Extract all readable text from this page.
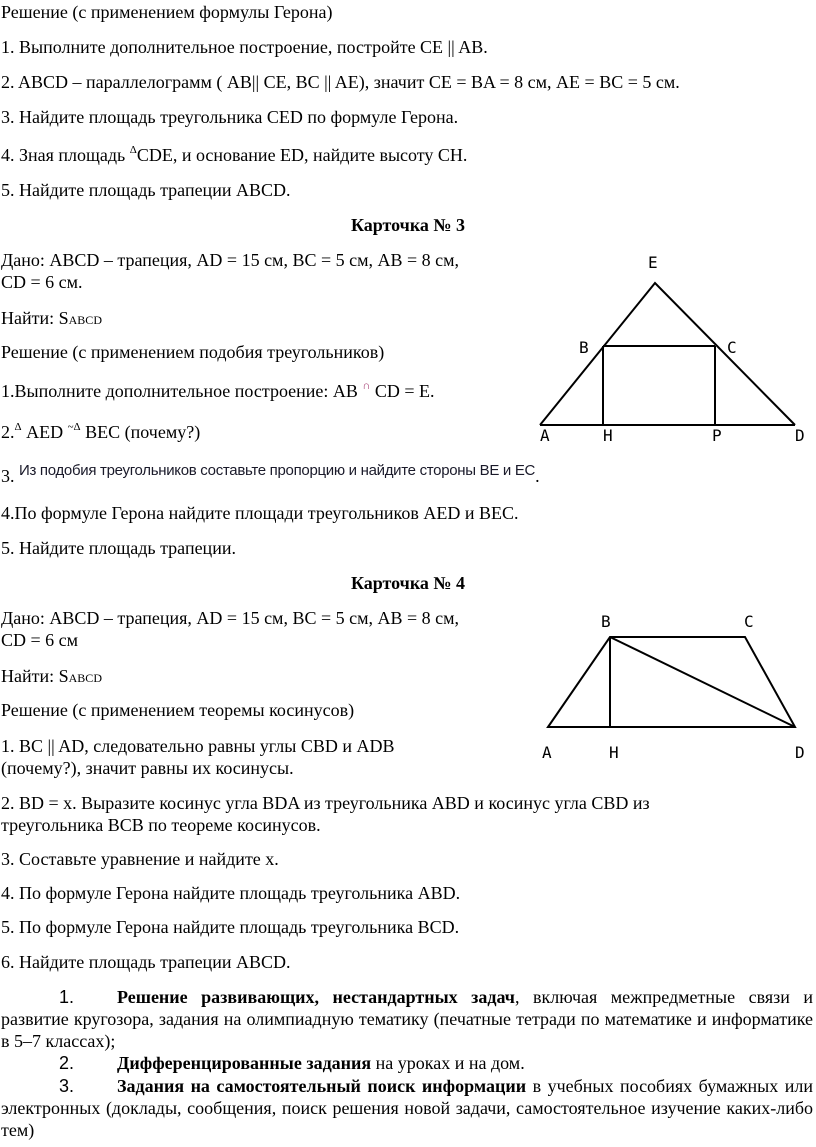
Решение (с применением формулы Герона)
1. Выполните дополнительное построение, постройте CE || AB.
2. ABCD – параллелограмм ( AB|| CE, BC || AE), значит CE = BA = 8 см, AE = BC = 5 см.
3. Найдите площадь треугольника CED по формуле Герона.
4. Зная площадь $^\Delta$CDE, и основание ED, найдите высоту CH.
5. Найдите площадь трапеции ABCD.
Карточка № 3
Дано: ABCD – трапеция, AD = 15 см, BC = 5 см, AB = 8 см,
CD = 6 см.
Найти: SABCD
Решение (с применением подобия треугольников)
1.Выполните дополнительное построение: AB ∩ CD = E.
2.$^\Delta$ AED $^{\sim\Delta}$ BEC (почему?)
3. $^{Из подобия треугольников составьте пропорцию и найдите стороны BE и EC}$.
4.По формуле Герона найдите площади треугольников AED и BEC.
5. Найдите площадь трапеции.
Карточка № 4
Дано: ABCD – трапеция, AD = 15 см, BC = 5 см, AB = 8 см,
CD = 6 см
Найти: SABCD
Решение (с применением теоремы косинусов)
1. BC || AD, следовательно равны углы CBD и ADB
(почему?), значит равны их косинусы.
2. BD = x. Выразите косинус угла BDA из треугольника ABD и косинус угла CBD из
треугольника BCB по теореме косинусов.
3. Составьте уравнение и найдите x.
4. По формуле Герона найдите площадь треугольника ABD.
5. По формуле Герона найдите площадь треугольника BCD.
6. Найдите площадь трапеции ABCD.
1. Решение развивающих, нестандартных задач, включая межпредметные связи и развитие кругозора, задания на олимпиадную тематику (печатные тетради по математике и информатике в 5–7 классах);
2. Дифференцированные задания на уроках и на дом.
3. Задания на самостоятельный поиск информации в учебных пособиях бумажных или электронных (доклады, сообщения, поиск решения новой задачи, самостоятельное изучение каких-либо тем)
E
B	C
A	H	P	D
B	C
A	H	D
